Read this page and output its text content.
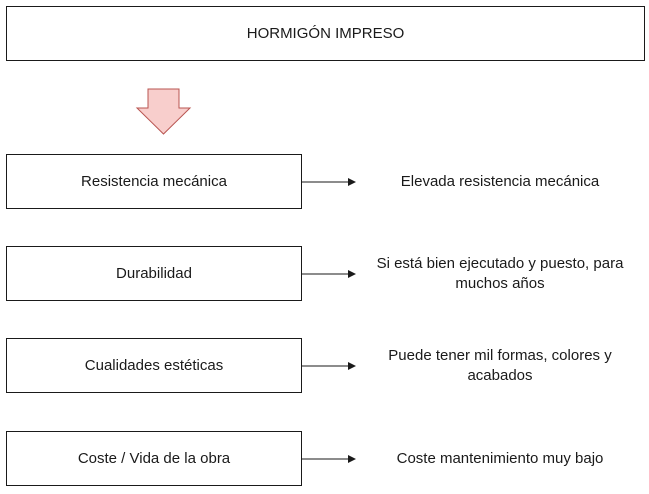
HORMIGÓN IMPRESO
Resistencia mecánica	Elevada resistencia mecánica
Durabilidad
Si está bien ejecutado y puesto, para muchos años
Cualidades estéticas
Puede tener mil formas, colores y acabados
Coste / Vida de la obra	Coste mantenimiento muy bajo
